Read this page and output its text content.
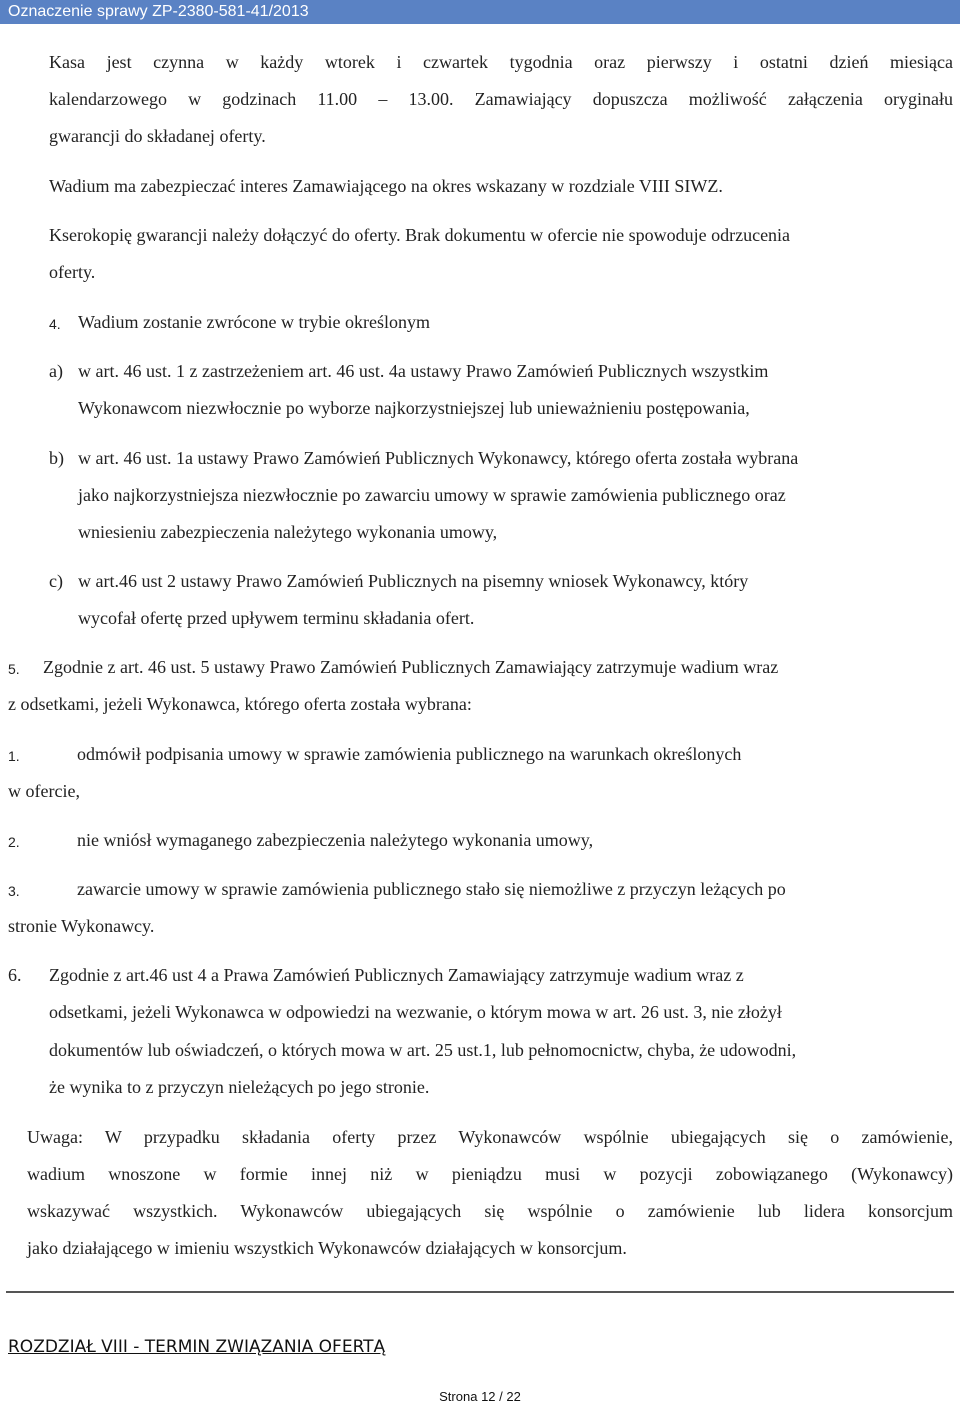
Oznaczenie sprawy ZP-2380-581-41/2013
Kasa jest czynna w każdy wtorek i czwartek tygodnia oraz pierwszy i ostatni dzień miesiąca
kalendarzowego w godzinach 11.00 – 13.00. Zamawiający dopuszcza możliwość załączenia oryginału
gwarancji do składanej oferty.
Wadium ma zabezpieczać interes Zamawiającego na okres wskazany w rozdziale VIII SIWZ.
Kserokopię gwarancji należy dołączyć do oferty. Brak dokumentu w ofercie nie spowoduje odrzucenia
oferty.
4. Wadium zostanie zwrócone w trybie określonym
a) w art. 46 ust. 1 z zastrzeżeniem art. 46 ust. 4a ustawy Prawo Zamówień Publicznych wszystkim
Wykonawcom niezwłocznie po wyborze najkorzystniejszej lub unieważnieniu postępowania,
b) w art. 46 ust. 1a ustawy Prawo Zamówień Publicznych Wykonawcy, którego oferta została wybrana
jako najkorzystniejsza niezwłocznie po zawarciu umowy w sprawie zamówienia publicznego oraz
wniesieniu zabezpieczenia należytego wykonania umowy,
c) w art.46 ust 2 ustawy Prawo Zamówień Publicznych na pisemny wniosek Wykonawcy, który
wycofał ofertę przed upływem terminu składania ofert.
5. Zgodnie z art. 46 ust. 5 ustawy Prawo Zamówień Publicznych Zamawiający zatrzymuje wadium wraz
z odsetkami, jeżeli Wykonawca, którego oferta została wybrana:
1.	odmówił podpisania umowy w sprawie zamówienia publicznego na warunkach określonych
w ofercie,
2.	nie wniósł wymaganego zabezpieczenia należytego wykonania umowy,
3.	zawarcie umowy w sprawie zamówienia publicznego stało się niemożliwe z przyczyn leżących po
stronie Wykonawcy.
6. Zgodnie z art.46 ust 4 a Prawa Zamówień Publicznych Zamawiający zatrzymuje wadium wraz z
odsetkami, jeżeli Wykonawca w odpowiedzi na wezwanie, o którym mowa w art. 26 ust. 3, nie złożył
dokumentów lub oświadczeń, o których mowa w art. 25 ust.1, lub pełnomocnictw, chyba, że udowodni,
że wynika to z przyczyn nieleżących po jego stronie.
Uwaga: W przypadku składania oferty przez Wykonawców wspólnie ubiegających się o zamówienie,
wadium wnoszone w formie innej niż w pieniądzu musi w pozycji zobowiązanego (Wykonawcy)
wskazywać wszystkich. Wykonawców ubiegających się wspólnie o zamówienie lub lidera konsorcjum
jako działającego w imieniu wszystkich Wykonawców działających w konsorcjum.
ROZDZIAŁ VIII - TERMIN ZWIĄZANIA OFERTĄ
Strona 12 / 22
